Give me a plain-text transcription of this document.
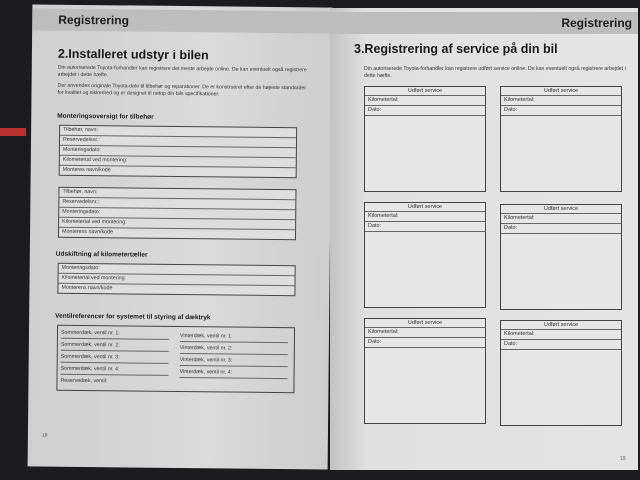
Registrering
2.Installeret udstyr i bilen
Din autoriserede Toyota-forhandler kan registrere det meste arbejde online. De kan eventuelt også registrere arbejdet i dette hæfte.
Der anvendes originale Toyota-dele til tilbehør og reparationer. De er konstrueret efter de højeste standarder for kvalitet og sikkerhed og er designet til netop din bils specifikationer.
Monteringsoversigt for tilbehør
Tilbehør, navn:
Reservedelsnr.:
Monteringsdato:
Kilometertal ved montering:
Monteres navn/kode
Tilbehør, navn:
Reservedelsnr.:
Monteringsdato:
Kilometertal ved montering:
Monterens navn/kode
Udskiftning af kilometertæller
Monteringsdato:
Kilometertal ved montering:
Monterens navn/kode
Ventilreferencer for systemet til styring af dæktryk
Sommerdæk, ventil nr. 1:
Sommerdæk, ventil nr. 2:
Sommerdæk, ventil nr. 3:
Sommerdæk, ventil nr. 4:
Reservedæk, ventil:
Vinterdæk, ventil nr. 1:
Vinterdæk, ventil nr. 2:
Vinterdæk, ventil nr. 3:
Vinterdæk, ventil nr. 4:
18
Registrering
3.Registrering af service på din bil
Din autoriserede Toyota-forhandler kan registrere udført service online. De kan eventuelt også registrere arbejdet i dette hæfte.
Udført service
Kilometertal:
Dato:
Udført service
Kilometertal:
Dato:
Udført service
Kilometertal:
Dato:
Udført service
Kilometertal:
Dato:
Udført service
Kilometertal:
Dato:
Udført service
Kilometertal:
Dato:
19
